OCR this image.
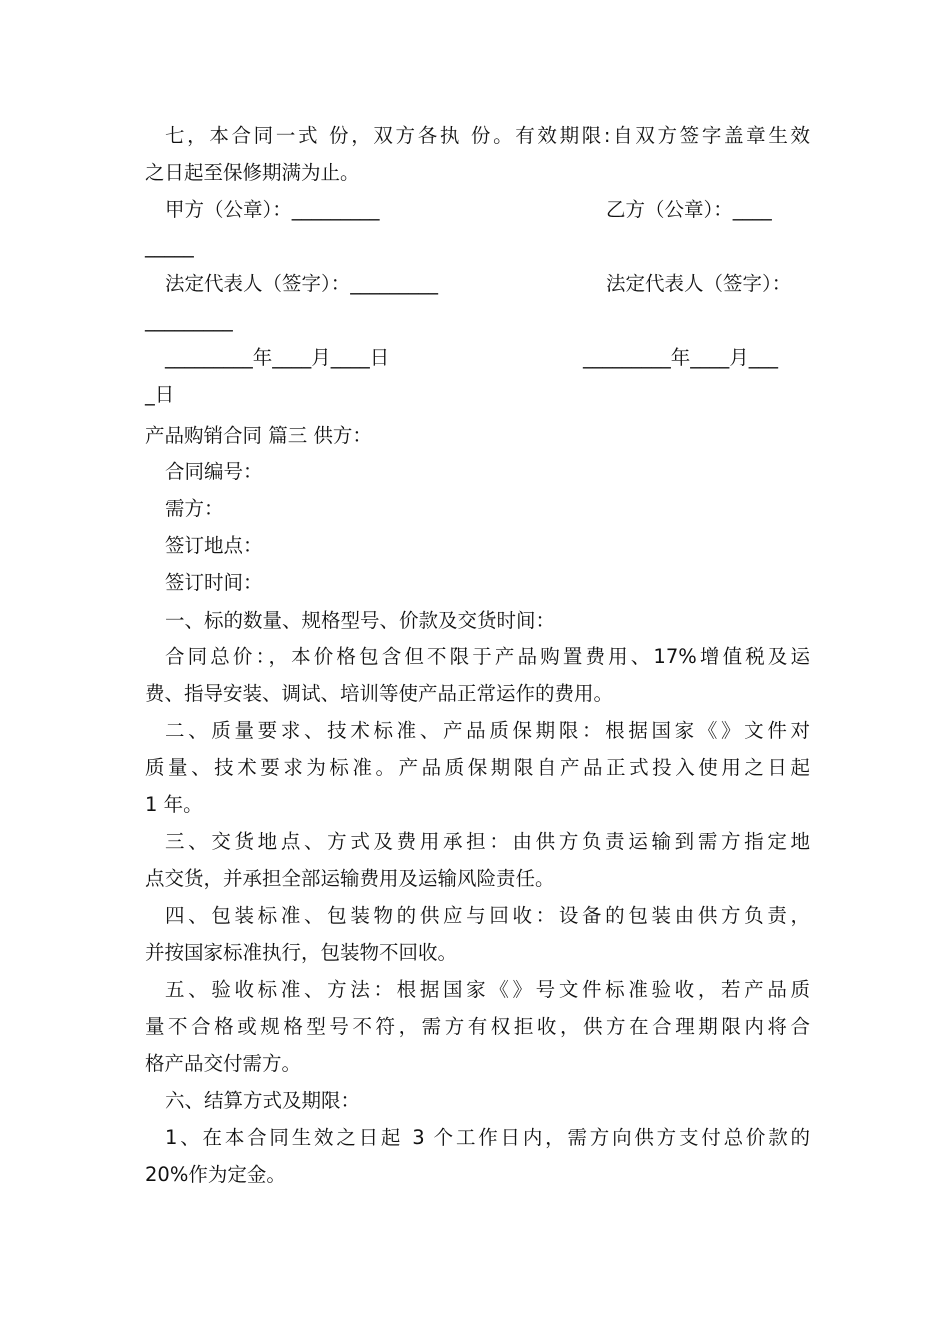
七，本合同一式 份，双方各执 份。有效期限:自双方签字盖章生效
之日起至保修期满为止。
甲方（公章）：_________	乙方（公章）：____
_____
法定代表人（签字）：_________	法定代表人（签字）：
_________
_________年____月____日	_________年____月___
_日
产品购销合同 篇三 供方：
合同编号：
需方：
签订地点：
签订时间：
一、标的数量、规格型号、价款及交货时间：
合同总价：，本价格包含但不限于产品购置费用、17%增值税及运
费、指导安装、调试、培训等使产品正常运作的费用。
二、质量要求、技术标准、产品质保期限：根据国家《》文件对
质量、技术要求为标准。产品质保期限自产品正式投入使用之日起
1 年。
三、交货地点、方式及费用承担：由供方负责运输到需方指定地
点交货，并承担全部运输费用及运输风险责任。
四、包装标准、包装物的供应与回收：设备的包装由供方负责，
并按国家标准执行，包装物不回收。
五、验收标准、方法：根据国家《》号文件标准验收，若产品质
量不合格或规格型号不符，需方有权拒收，供方在合理期限内将合
格产品交付需方。
六、结算方式及期限：
1、在本合同生效之日起 3 个工作日内，需方向供方支付总价款的
20%作为定金。
